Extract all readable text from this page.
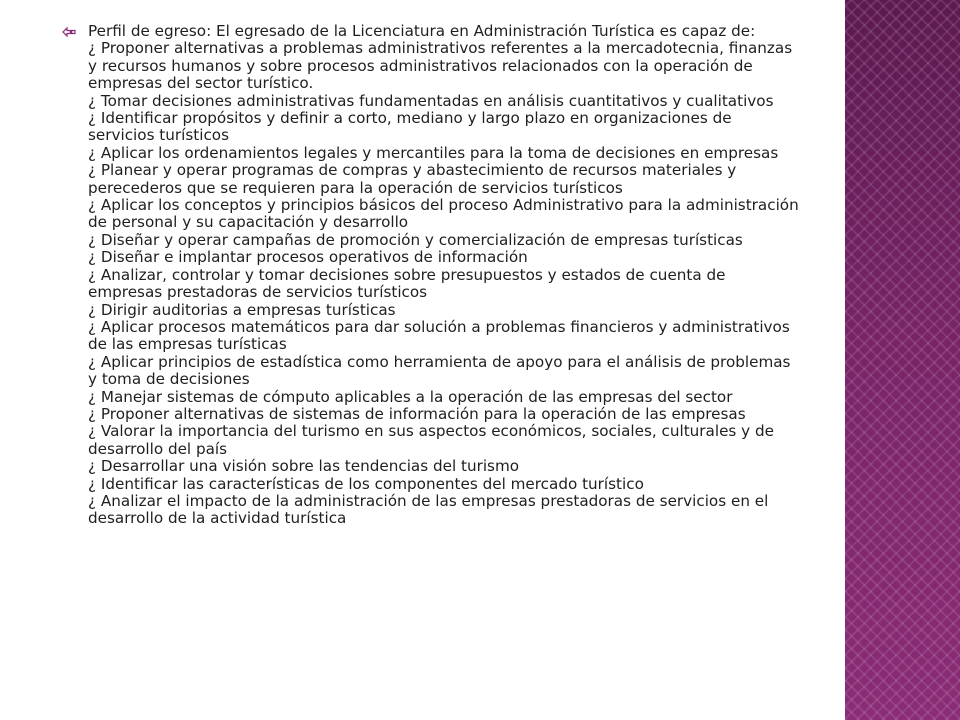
Perfil de egreso: El egresado de la Licenciatura en Administración Turística es capaz de:
¿ Proponer alternativas a problemas administrativos referentes a la mercadotecnia, finanzas y recursos humanos y sobre procesos administrativos relacionados con la operación de empresas del sector turístico.
¿ Tomar decisiones administrativas fundamentadas en análisis cuantitativos y cualitativos
¿ Identificar propósitos y definir a corto, mediano y largo plazo en organizaciones de servicios turísticos
¿ Aplicar los ordenamientos legales y mercantiles para la toma de decisiones en empresas
¿ Planear y operar programas de compras y abastecimiento de recursos materiales y perecederos que se requieren para la operación de servicios turísticos
¿ Aplicar los conceptos y principios básicos del proceso Administrativo para la administración de personal y su capacitación y desarrollo
¿ Diseñar y operar campañas de promoción y comercialización de empresas turísticas
¿ Diseñar e implantar procesos operativos de información
¿ Analizar, controlar y tomar decisiones sobre presupuestos y estados de cuenta de empresas prestadoras de servicios turísticos
¿ Dirigir auditorias a empresas turísticas
¿ Aplicar procesos matemáticos para dar solución a problemas financieros y administrativos de las empresas turísticas
¿ Aplicar principios de estadística como herramienta de apoyo para el análisis de problemas y toma de decisiones
¿ Manejar sistemas de cómputo aplicables a la operación de las empresas del sector
¿ Proponer alternativas de sistemas de información para la operación de las empresas
¿ Valorar la importancia del turismo en sus aspectos económicos, sociales, culturales y de desarrollo del país
¿ Desarrollar una visión sobre las tendencias del turismo
¿ Identificar las características de los componentes del mercado turístico
¿ Analizar el impacto de la administración de las empresas prestadoras de servicios en el desarrollo de la actividad turística
